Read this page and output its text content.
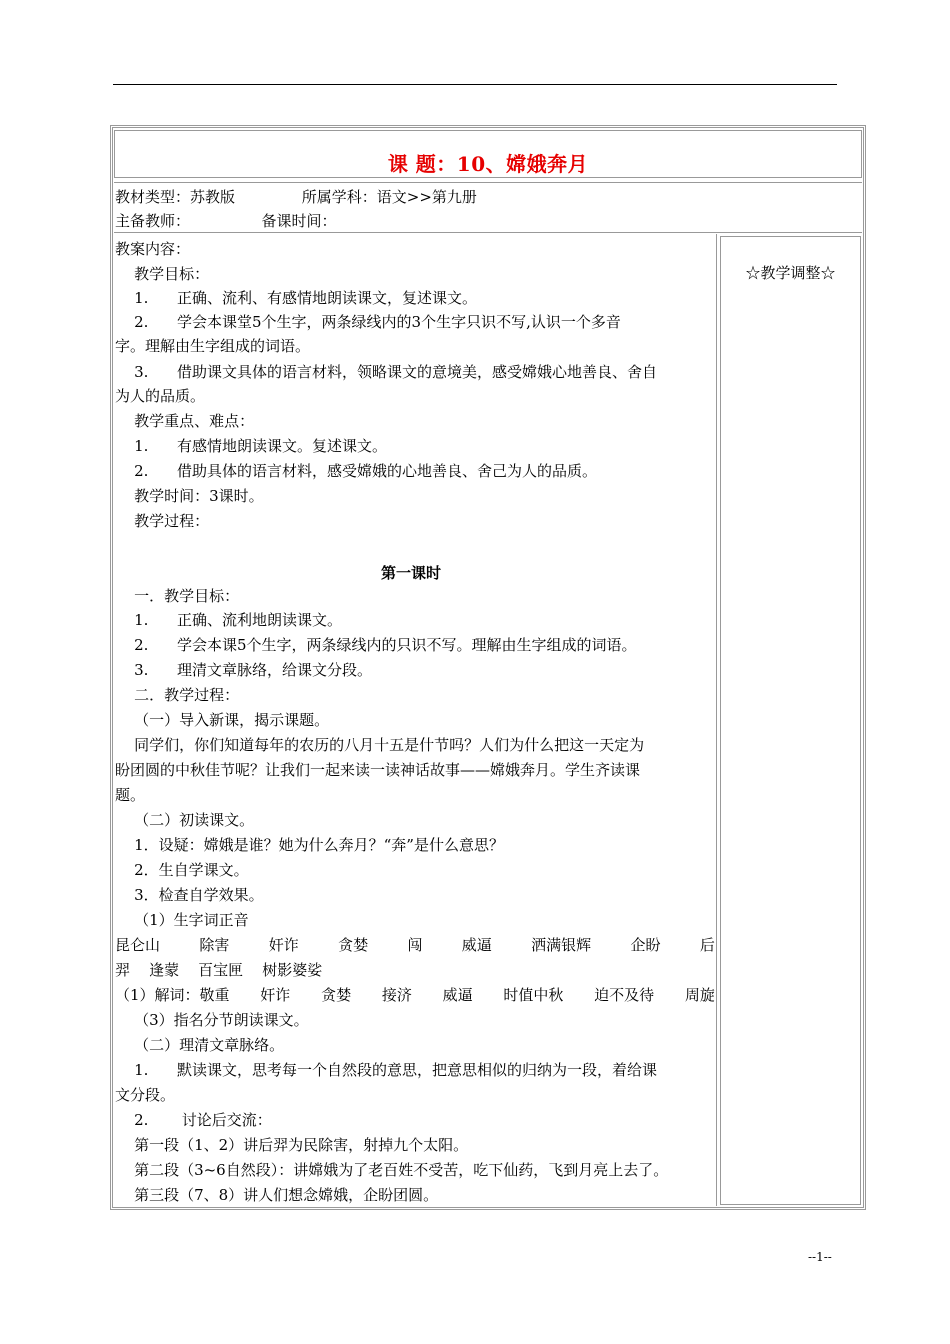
课 题：10、嫦娥奔月
教材类型：苏教版              所属学科：语文>>第九册
主备教师：               备课时间：
☆教学调整☆
教案内容：
教学目标：
1.      正确、流利、有感情地朗读课文，复述课文。
2.      学会本课堂5个生字，两条绿线内的3个生字只识不写,认识一个多音
字。理解由生字组成的词语。
3.      借助课文具体的语言材料，领略课文的意境美，感受嫦娥心地善良、舍自
为人的品质。
教学重点、难点：
1.      有感情地朗读课文。复述课文。
2.      借助具体的语言材料，感受嫦娥的心地善良、舍己为人的品质。
教学时间：3课时。
教学过程：
第一课时
一．教学目标：
1.      正确、流利地朗读课文。
2.      学会本课5个生字，两条绿线内的只识不写。理解由生字组成的词语。
3.      理清文章脉络，给课文分段。
二．教学过程：
（一）导入新课，揭示课题。
同学们，你们知道每年的农历的八月十五是什节吗？人们为什么把这一天定为
盼团圆的中秋佳节呢？让我们一起来读一读神话故事——嫦娥奔月。学生齐读课
题。
（二）初读课文。
1．设疑：嫦娥是谁？她为什么奔月？“奔”是什么意思？
2．生自学课文。
3．检查自学效果。
（1）生字词正音
昆仑山	除害	奸诈	贪婪	闯	威逼	洒满银辉	企盼	后
羿    逢蒙    百宝匣    树影婆娑
（1）解词：敬重 奸诈 贪婪 接济 威逼 时值中秋 迫不及待 周旋
（3）指名分节朗读课文。
（二）理清文章脉络。
1.      默读课文，思考每一个自然段的意思，把意思相似的归纳为一段，着给课
文分段。
2.       讨论后交流：
第一段（1、2）讲后羿为民除害，射掉九个太阳。
第二段（3~6自然段）：讲嫦娥为了老百姓不受苦，吃下仙药，飞到月亮上去了。
第三段（7、8）讲人们想念嫦娥，企盼团圆。
--1--
